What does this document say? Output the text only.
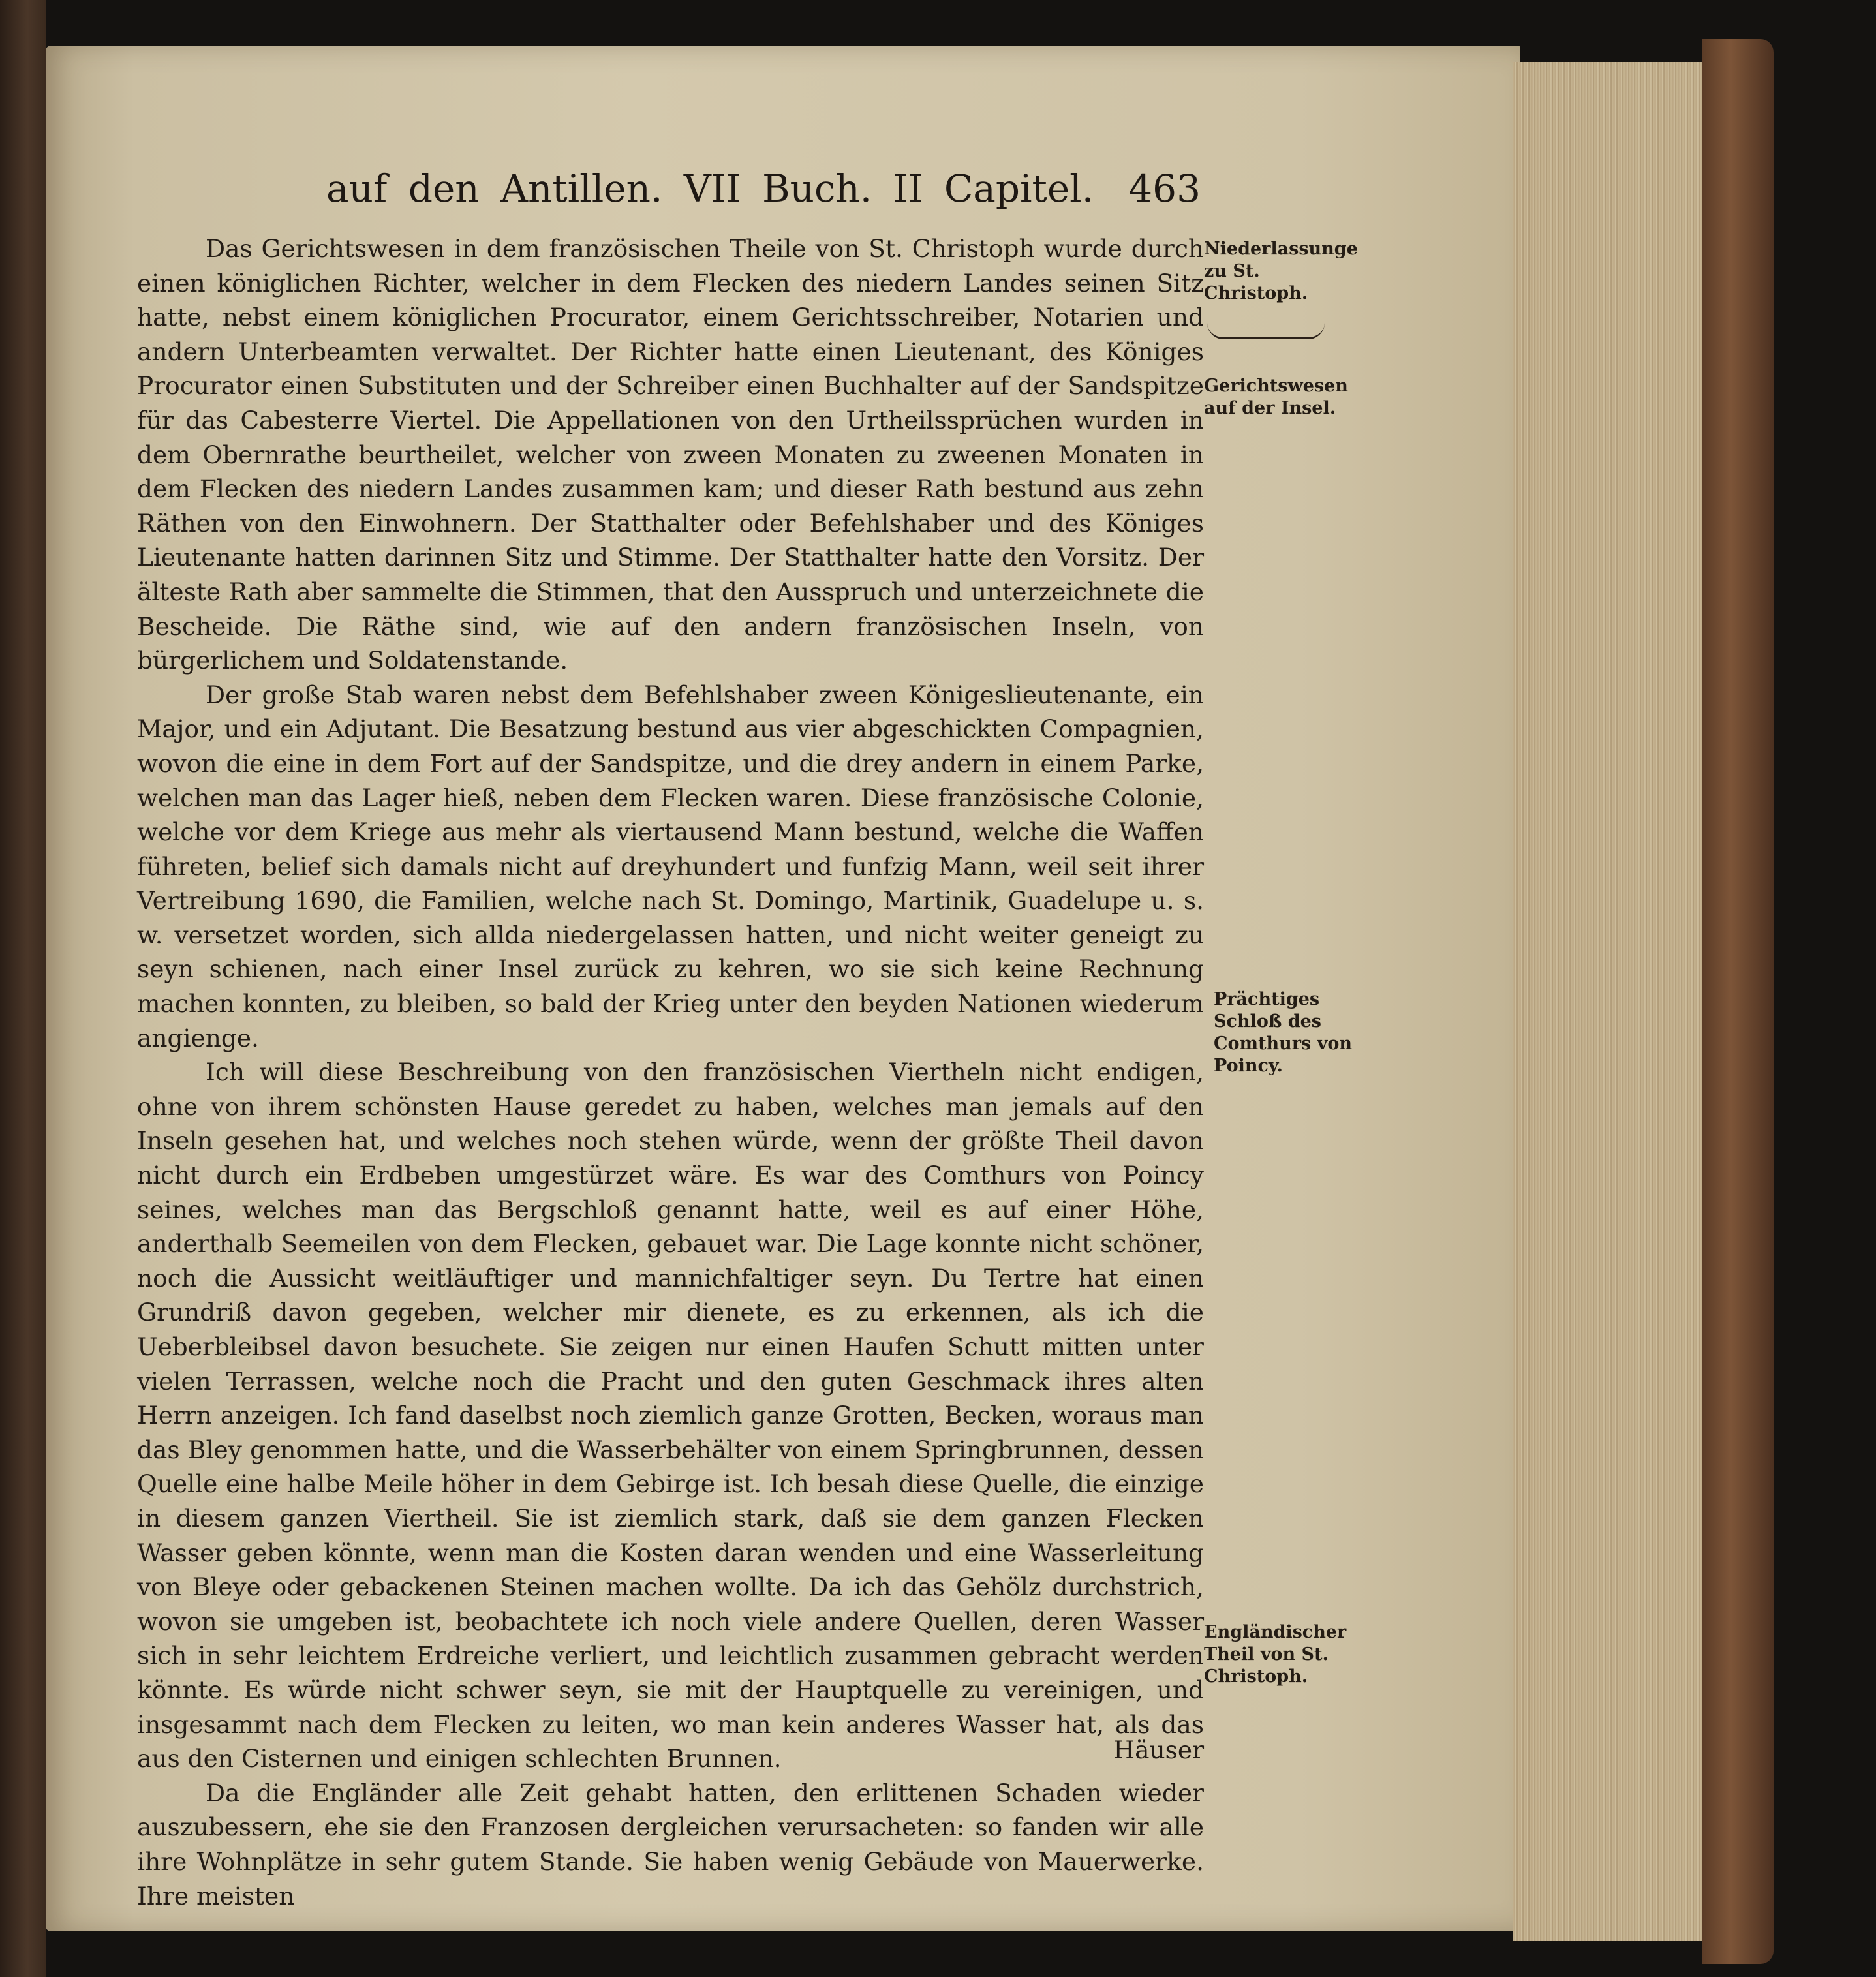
auf den Antillen. VII Buch. II Capitel. 463

Das Gerichtswesen in dem französischen Theile von St. Christoph wurde durch einen königlichen Richter, welcher in dem Flecken des niedern Landes seinen Sitz hatte, nebst einem königlichen Procurator, einem Gerichtsschreiber, Notarien und andern Unterbeamten verwaltet. Der Richter hatte einen Lieutenant, des Königes Procurator einen Substituten und der Schreiber einen Buchhalter auf der Sandspitze für das Cabesterre Viertel. Die Appellationen von den Urtheilssprüchen wurden in dem Obernrathe beurtheilet, welcher von zween Monaten zu zweenen Monaten in dem Flecken des niedern Landes zusammen kam; und dieser Rath bestund aus zehn Räthen von den Einwohnern. Der Statthalter oder Befehlshaber und des Königes Lieutenante hatten darinnen Sitz und Stimme. Der Statthalter hatte den Vorsitz. Der älteste Rath aber sammelte die Stimmen, that den Ausspruch und unterzeichnete die Bescheide. Die Räthe sind, wie auf den andern französischen Inseln, von bürgerlichem und Soldatenstande.

Der große Stab waren nebst dem Befehlshaber zween Königeslieutenante, ein Major, und ein Adjutant. Die Besatzung bestund aus vier abgeschickten Compagnien, wovon die eine in dem Fort auf der Sandspitze, und die drey andern in einem Parke, welchen man das Lager hieß, neben dem Flecken waren. Diese französische Colonie, welche vor dem Kriege aus mehr als viertausend Mann bestund, welche die Waffen führeten, belief sich damals nicht auf dreyhundert und funfzig Mann, weil seit ihrer Vertreibung 1690, die Familien, welche nach St. Domingo, Martinik, Guadelupe u. s. w. versetzet worden, sich allda niedergelassen hatten, und nicht weiter geneigt zu seyn schienen, nach einer Insel zurück zu kehren, wo sie sich keine Rechnung machen konnten, zu bleiben, so bald der Krieg unter den beyden Nationen wiederum angienge.

Ich will diese Beschreibung von den französischen Viertheln nicht endigen, ohne von ihrem schönsten Hause geredet zu haben, welches man jemals auf den Inseln gesehen hat, und welches noch stehen würde, wenn der größte Theil davon nicht durch ein Erdbeben umgestürzet wäre. Es war des Comthurs von Poincy seines, welches man das Bergschloß genannt hatte, weil es auf einer Höhe, anderthalb Seemeilen von dem Flecken, gebauet war. Die Lage konnte nicht schöner, noch die Aussicht weitläuftiger und mannichfaltiger seyn. Du Tertre hat einen Grundriß davon gegeben, welcher mir dienete, es zu erkennen, als ich die Ueberbleibsel davon besuchete. Sie zeigen nur einen Haufen Schutt mitten unter vielen Terrassen, welche noch die Pracht und den guten Geschmack ihres alten Herrn anzeigen. Ich fand daselbst noch ziemlich ganze Grotten, Becken, woraus man das Bley genommen hatte, und die Wasserbehälter von einem Springbrunnen, dessen Quelle eine halbe Meile höher in dem Gebirge ist. Ich besah diese Quelle, die einzige in diesem ganzen Viertheil. Sie ist ziemlich stark, daß sie dem ganzen Flecken Wasser geben könnte, wenn man die Kosten daran wenden und eine Wasserleitung von Bleye oder gebackenen Steinen machen wollte. Da ich das Gehölz durchstrich, wovon sie umgeben ist, beobachtete ich noch viele andere Quellen, deren Wasser sich in sehr leichtem Erdreiche verliert, und leichtlich zusammen gebracht werden könnte. Es würde nicht schwer seyn, sie mit der Hauptquelle zu vereinigen, und insgesammt nach dem Flecken zu leiten, wo man kein anderes Wasser hat, als das aus den Cisternen und einigen schlechten Brunnen.

Da die Engländer alle Zeit gehabt hatten, den erlittenen Schaden wieder auszubessern, ehe sie den Franzosen dergleichen verursacheten: so fanden wir alle ihre Wohnplätze in sehr gutem Stande. Sie haben wenig Gebäude von Mauerwerke. Ihre meisten

Häuser
Niederlassunge zu St. Christoph.
Gerichtswesen auf der Insel.
Prächtiges Schloß des Comthurs von Poincy.
Engländischer Theil von St. Christoph.
